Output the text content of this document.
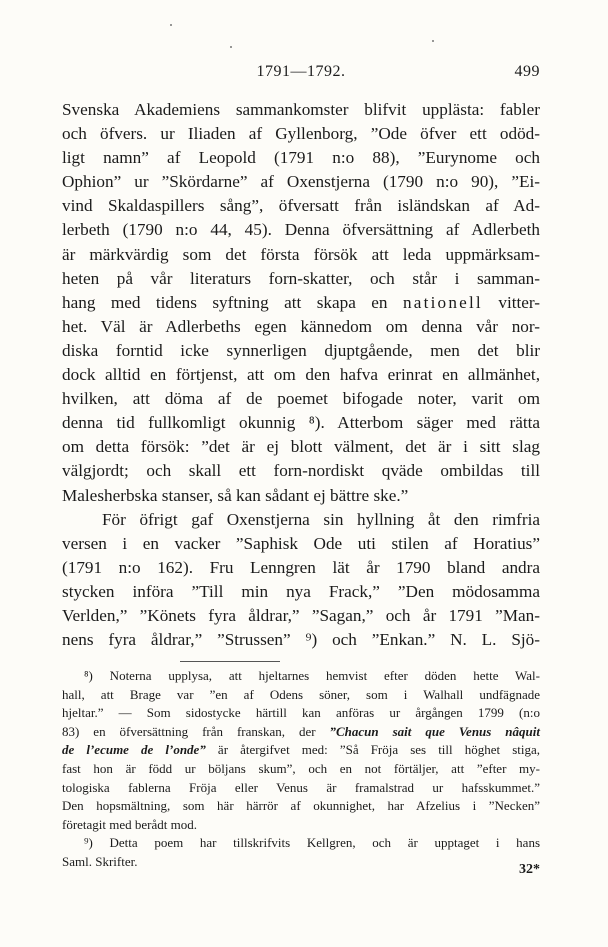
1791—1792.	499
Svenska Akademiens sammankomster blifvit upplästa: fabler
och öfvers. ur Iliaden af Gyllenborg, ”Ode öfver ett odöd-
ligt namn” af Leopold (1791 n:o 88), ”Eurynome och
Ophion” ur ”Skördarne” af Oxenstjerna (1790 n:o 90), ”Ei-
vind Skaldaspillers sång”, öfversatt från isländskan af Ad-
lerbeth (1790 n:o 44, 45). Denna öfversättning af Adlerbeth
är märkvärdig som det första försök att leda uppmärksam-
heten på vår literaturs forn-skatter, och står i samman-
hang med tidens syftning att skapa en nationell vitter-
het. Väl är Adlerbeths egen kännedom om denna vår nor-
diska forntid icke synnerligen djuptgående, men det blir
dock alltid en förtjenst, att om den hafva erinrat en allmänhet,
hvilken, att döma af de poemet bifogade noter, varit om
denna tid fullkomligt okunnig ⁸). Atterbom säger med rätta
om detta försök: ”det är ej blott välment, det är i sitt slag
välgjordt; och skall ett forn-nordiskt qväde ombildas till
Malesherbska stanser, så kan sådant ej bättre ske.”
För öfrigt gaf Oxenstjerna sin hyllning åt den rimfria
versen i en vacker ”Saphisk Ode uti stilen af Horatius”
(1791 n:o 162). Fru Lenngren lät år 1790 bland andra
stycken införa ”Till min nya Frack,” ”Den mödosamma
Verlden,” ”Könets fyra åldrar,” ”Sagan,” och år 1791 ”Man-
nens fyra åldrar,” ”Strussen” ⁹) och ”Enkan.” N. L. Sjö-
⁸) Noterna upplysa, att hjeltarnes hemvist efter döden hette Wal-
hall, att Brage var ”en af Odens söner, som i Walhall undfägnade
hjeltar.” — Som sidostycke härtill kan anföras ur årgången 1799 (n:o
83) en öfversättning från franskan, der ”Chacun sait que Venus nâquit
de l’ecume de l’onde” är återgifvet med: ”Så Fröja ses till höghet stiga,
fast hon är född ur böljans skum”, och en not förtäljer, att ”efter my-
tologiska fablerna Fröja eller Venus är framalstrad ur hafsskummet.”
Den hopsmältning, som här härrör af okunnighet, har Afzelius i ”Necken”
företagit med berådt mod.
⁹) Detta poem har tillskrifvits Kellgren, och är upptaget i hans
Saml. Skrifter.
32*
